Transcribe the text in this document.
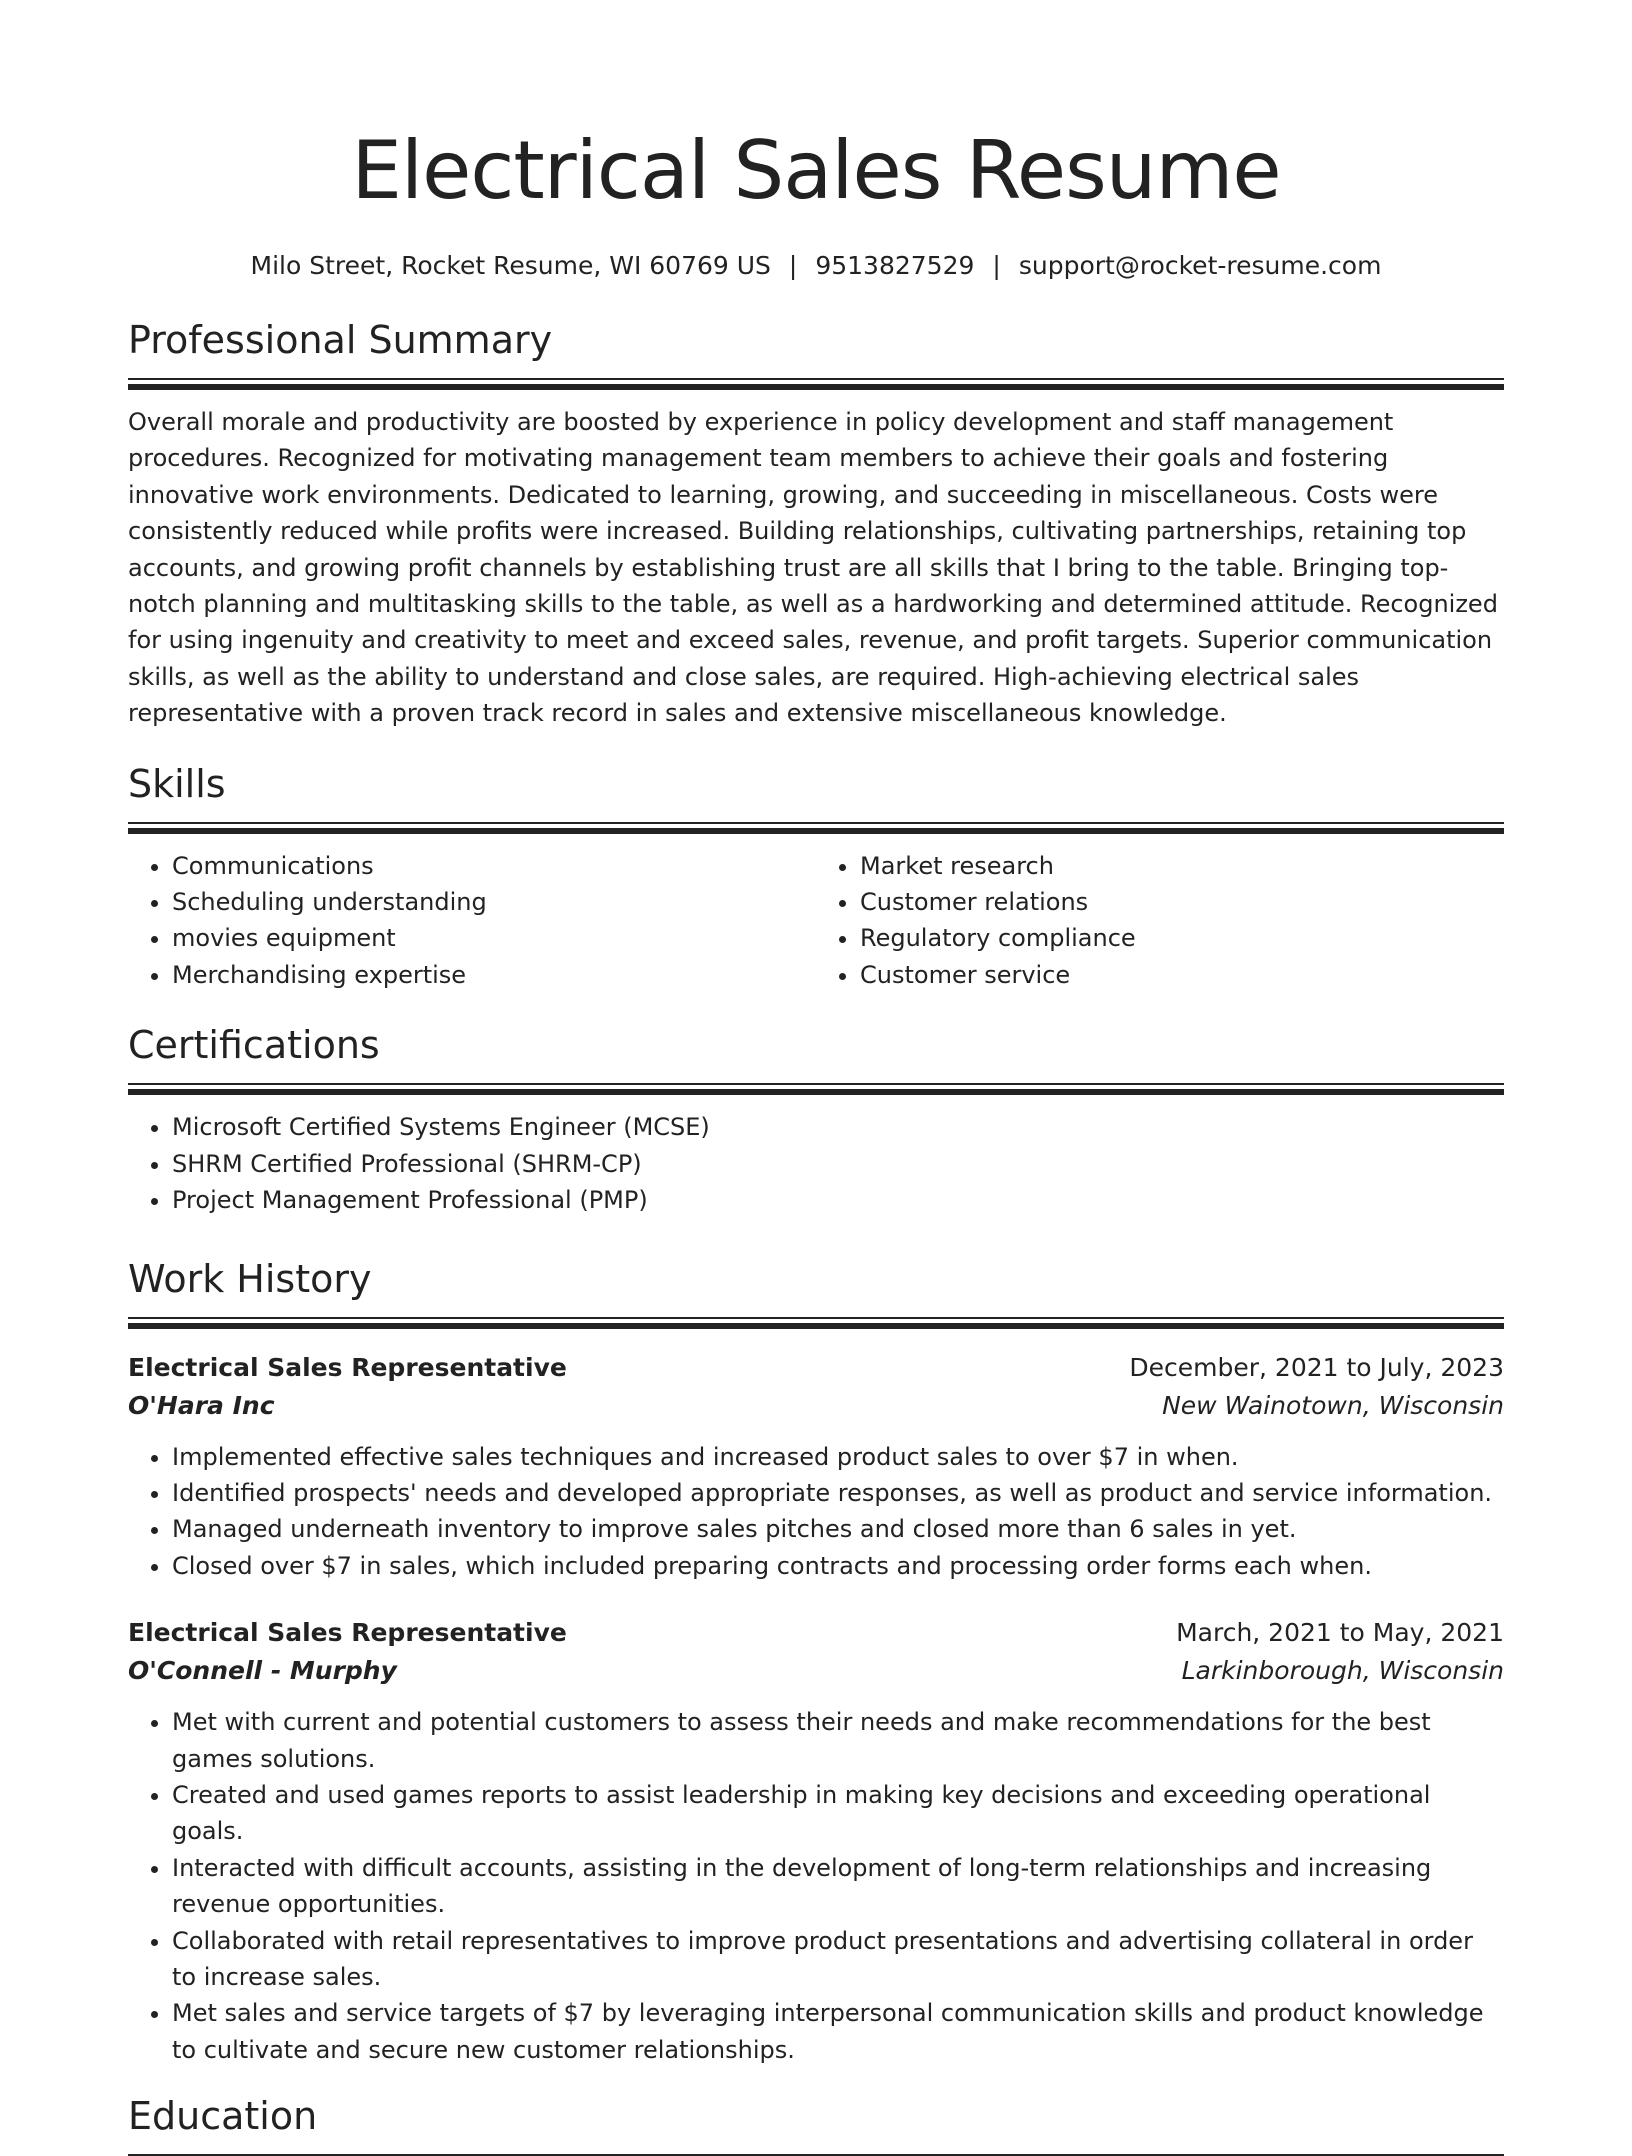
Electrical Sales Resume
Milo Street, Rocket Resume, WI 60769 US | 9513827529 | support@rocket-resume.com
Professional Summary
Overall morale and productivity are boosted by experience in policy development and staff management procedures. Recognized for motivating management team members to achieve their goals and fostering innovative work environments. Dedicated to learning, growing, and succeeding in miscellaneous. Costs were consistently reduced while profits were increased. Building relationships, cultivating partnerships, retaining top accounts, and growing profit channels by establishing trust are all skills that I bring to the table. Bringing top-notch planning and multitasking skills to the table, as well as a hardworking and determined attitude. Recognized for using ingenuity and creativity to meet and exceed sales, revenue, and profit targets. Superior communication skills, as well as the ability to understand and close sales, are required. High-achieving electrical sales representative with a proven track record in sales and extensive miscellaneous knowledge.
Skills
• Communications
• Scheduling understanding
• movies equipment
• Merchandising expertise
• Market research
• Customer relations
• Regulatory compliance
• Customer service
Certifications
• Microsoft Certified Systems Engineer (MCSE)
• SHRM Certified Professional (SHRM-CP)
• Project Management Professional (PMP)
Work History
Electrical Sales Representative	December, 2021 to July, 2023
O'Hara Inc	New Wainotown, Wisconsin
• Implemented effective sales techniques and increased product sales to over $7 in when.
• Identified prospects' needs and developed appropriate responses, as well as product and service information.
• Managed underneath inventory to improve sales pitches and closed more than 6 sales in yet.
• Closed over $7 in sales, which included preparing contracts and processing order forms each when.
Electrical Sales Representative	March, 2021 to May, 2021
O'Connell - Murphy	Larkinborough, Wisconsin
• Met with current and potential customers to assess their needs and make recommendations for the best games solutions.
• Created and used games reports to assist leadership in making key decisions and exceeding operational goals.
• Interacted with difficult accounts, assisting in the development of long-term relationships and increasing revenue opportunities.
• Collaborated with retail representatives to improve product presentations and advertising collateral in order to increase sales.
• Met sales and service targets of $7 by leveraging interpersonal communication skills and product knowledge to cultivate and secure new customer relationships.
Education
